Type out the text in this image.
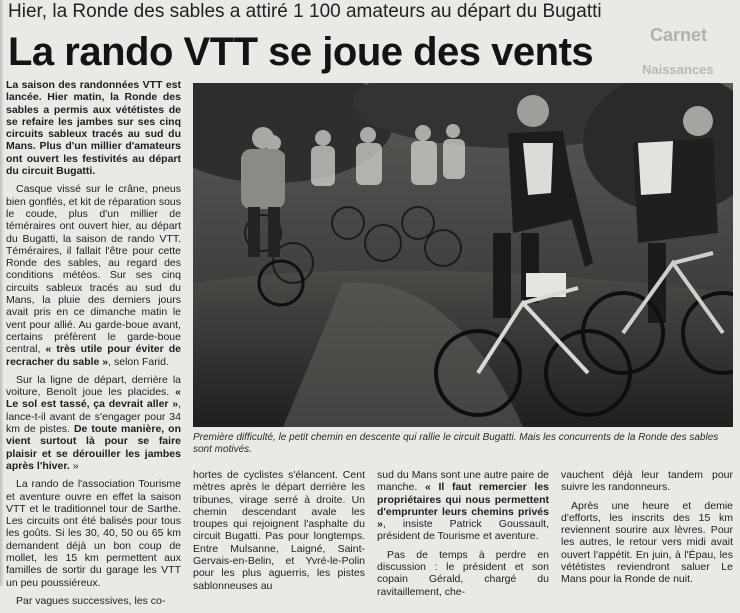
Carnet
Naissances
Hier, la Ronde des sables a attiré 1 100 amateurs au départ du Bugatti
La rando VTT se joue des vents

La saison des randonnées VTT est lancée. Hier matin, la Ronde des sables a permis aux vététistes de se refaire les jambes sur ses cinq circuits sableux tracés au sud du Mans. Plus d'un millier d'amateurs ont ouvert les festivités au départ du circuit Bugatti.

Casque vissé sur le crâne, pneus bien gonflés, et kit de réparation sous le coude, plus d'un millier de téméraires ont ouvert hier, au départ du Bugatti, la saison de rando VTT. Téméraires, il fallait l'être pour cette Ronde des sables, au regard des conditions météos. Sur ses cinq circuits sableux tracés au sud du Mans, la pluie des derniers jours avait pris en ce dimanche matin le vent pour allié. Au garde-boue avant, certains préfèrent le garde-boue central, « très utile pour éviter de recracher du sable », selon Farid.

Sur la ligne de départ, derrière la voiture, Benoît joue les placides. « Le sol est tassé, ça devrait aller », lance-t-il avant de s'engager pour 34 km de pistes. De toute manière, on vient surtout là pour se faire plaisir et se dérouiller les jambes après l'hiver. »

La rando de l'association Tourisme et aventure ouvre en effet la saison VTT et le traditionnel tour de Sarthe. Les circuits ont été balisés pour tous les goûts. Si les 30, 40, 50 ou 65 km demandent déjà un bon coup de mollet, les 15 km permettent aux familles de sortir du garage les VTT un peu poussiéreux.

Par vagues successives, les co-

Première difficulté, le petit chemin en descente qui rallie le circuit Bugatti. Mais les concurrents de la Ronde des sables sont motivés.

hortes de cyclistes s'élancent. Cent mètres après le départ derrière les tribunes, virage serré à droite. Un chemin descendant avale les troupes qui rejoignent l'asphalte du circuit Bugatti. Pas pour longtemps. Entre Mulsanne, Laigné, Saint-Gervais-en-Belin, et Yvré-le-Polin pour les plus aguerris, les pistes sablonneuses au

sud du Mans sont une autre paire de manche. « Il faut remercier les propriétaires qui nous permettent d'emprunter leurs chemins privés », insiste Patrick Goussault, président de Tourisme et aventure.

Pas de temps à perdre en discussion : le président et son copain Gérald, chargé du ravitaillement, che-

vauchent déjà leur tandem pour suivre les randonneurs.

Après une heure et demie d'efforts, les inscrits des 15 km reviennent sourire aux lèvres. Pour les autres, le retour vers midi avait ouvert l'appétit. En juin, à l'Épau, les vététistes reviendront saluer Le Mans pour la Ronde de nuit.
